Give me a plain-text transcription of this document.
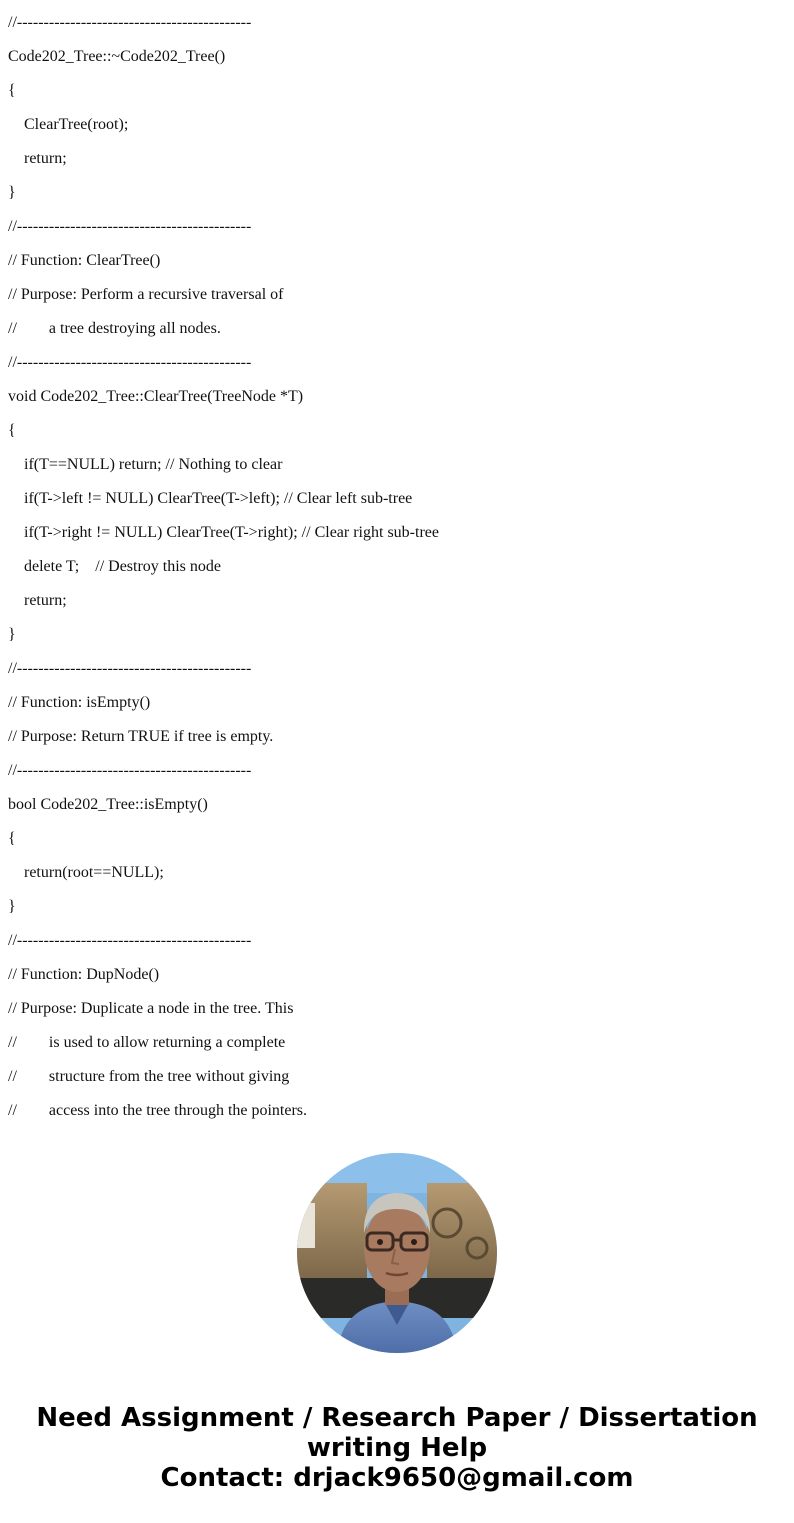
//--------------------------------------------
Code202_Tree::~Code202_Tree()
{
ClearTree(root);
return;
}
//--------------------------------------------
// Function: ClearTree()
// Purpose: Perform a recursive traversal of
//        a tree destroying all nodes.
//--------------------------------------------
void Code202_Tree::ClearTree(TreeNode *T)
{
if(T==NULL) return; // Nothing to clear
if(T->left != NULL) ClearTree(T->left); // Clear left sub-tree
if(T->right != NULL) ClearTree(T->right); // Clear right sub-tree
delete T;    // Destroy this node
return;
}
//--------------------------------------------
// Function: isEmpty()
// Purpose: Return TRUE if tree is empty.
//--------------------------------------------
bool Code202_Tree::isEmpty()
{
return(root==NULL);
}
//--------------------------------------------
// Function: DupNode()
// Purpose: Duplicate a node in the tree. This
//        is used to allow returning a complete
//        structure from the tree without giving
//        access into the tree through the pointers.
Need Assignment / Research Paper / Dissertation
writing Help
Contact: drjack9650@gmail.com
